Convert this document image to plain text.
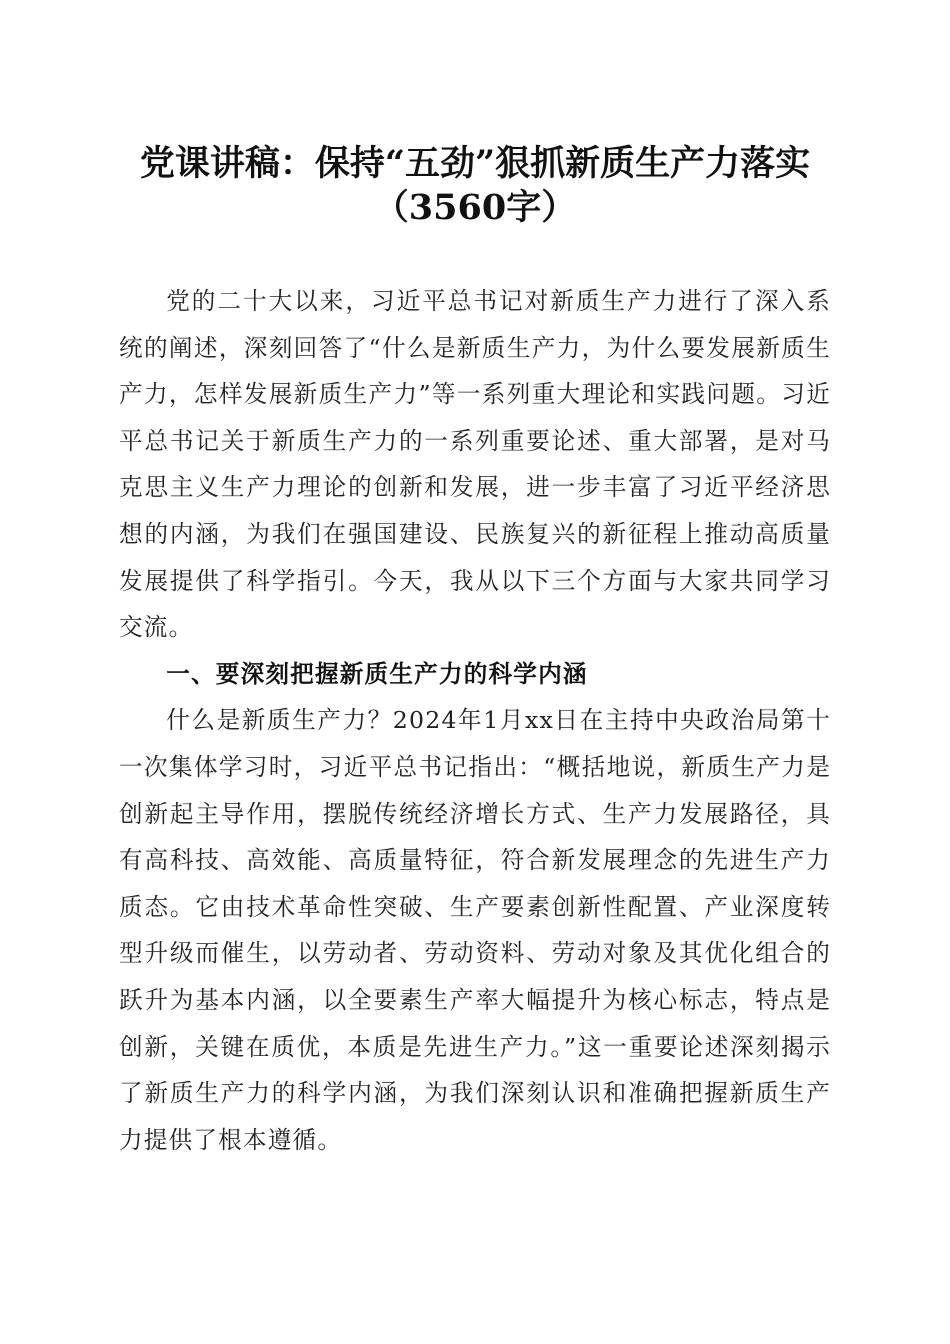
党课讲稿：保持“五劲”狠抓新质生产力落实
（3560字）

党的二十大以来，习近平总书记对新质生产力进行了深入系统的阐述，深刻回答了“什么是新质生产力，为什么要发展新质生产力，怎样发展新质生产力”等一系列重大理论和实践问题。习近平总书记关于新质生产力的一系列重要论述、重大部署，是对马克思主义生产力理论的创新和发展，进一步丰富了习近平经济思想的内涵，为我们在强国建设、民族复兴的新征程上推动高质量发展提供了科学指引。今天，我从以下三个方面与大家共同学习交流。

一、要深刻把握新质生产力的科学内涵

什么是新质生产力？2024年1月xx日在主持中央政治局第十一次集体学习时，习近平总书记指出：“概括地说，新质生产力是创新起主导作用，摆脱传统经济增长方式、生产力发展路径，具有高科技、高效能、高质量特征，符合新发展理念的先进生产力质态。它由技术革命性突破、生产要素创新性配置、产业深度转型升级而催生，以劳动者、劳动资料、劳动对象及其优化组合的跃升为基本内涵，以全要素生产率大幅提升为核心标志，特点是创新，关键在质优，本质是先进生产力。”这一重要论述深刻揭示了新质生产力的科学内涵，为我们深刻认识和准确把握新质生产力提供了根本遵循。
